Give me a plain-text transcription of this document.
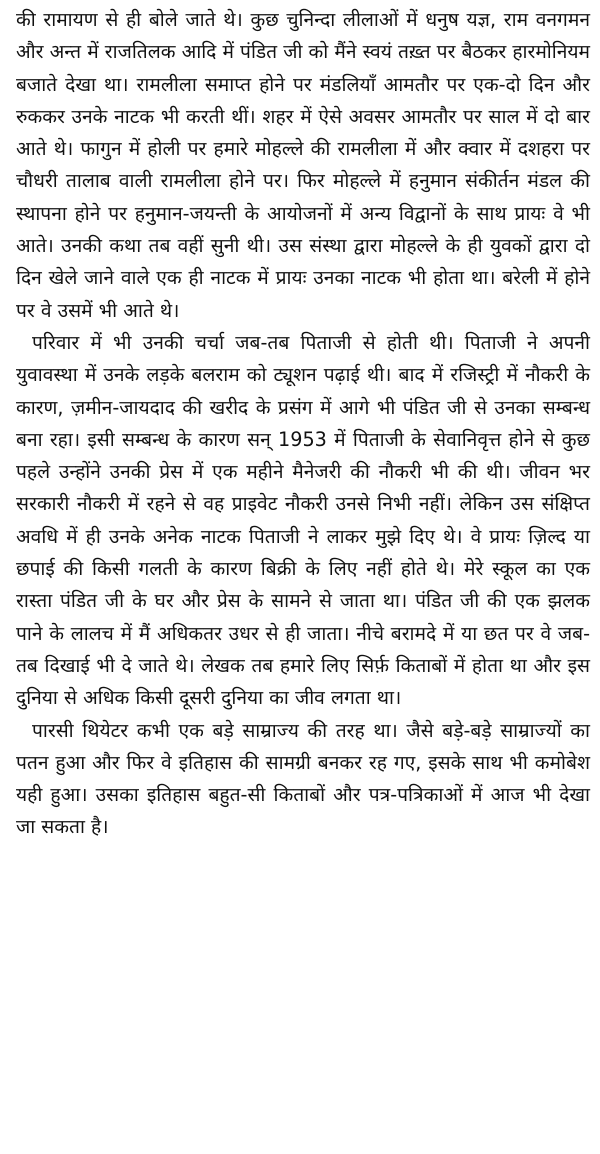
की रामायण से ही बोले जाते थे। कुछ चुनिन्दा लीलाओं में धनुष यज्ञ, राम वनगमन और अन्त में राजतिलक आदि में पंडित जी को मैंने स्वयं तख़्त पर बैठकर हारमोनियम बजाते देखा था। रामलीला समाप्त होने पर मंडलियाँ आमतौर पर एक-दो दिन और रुककर उनके नाटक भी करती थीं। शहर में ऐसे अवसर आमतौर पर साल में दो बार आते थे। फागुन में होली पर हमारे मोहल्ले की रामलीला में और क्वार में दशहरा पर चौधरी तालाब वाली रामलीला होने पर। फिर मोहल्ले में हनुमान संकीर्तन मंडल की स्थापना होने पर हनुमान-जयन्ती के आयोजनों में अन्य विद्वानों के साथ प्रायः वे भी आते। उनकी कथा तब वहीं सुनी थी। उस संस्था द्वारा मोहल्ले के ही युवकों द्वारा दो दिन खेले जाने वाले एक ही नाटक में प्रायः उनका नाटक भी होता था। बरेली में होने पर वे उसमें भी आते थे।

परिवार में भी उनकी चर्चा जब-तब पिताजी से होती थी। पिताजी ने अपनी युवावस्था में उनके लड़के बलराम को ट्यूशन पढ़ाई थी। बाद में रजिस्ट्री में नौकरी के कारण, ज़मीन-जायदाद की खरीद के प्रसंग में आगे भी पंडित जी से उनका सम्बन्ध बना रहा। इसी सम्बन्ध के कारण सन् 1953 में पिताजी के सेवानिवृत्त होने से कुछ पहले उन्होंने उनकी प्रेस में एक महीने मैनेजरी की नौकरी भी की थी। जीवन भर सरकारी नौकरी में रहने से वह प्राइवेट नौकरी उनसे निभी नहीं। लेकिन उस संक्षिप्त अवधि में ही उनके अनेक नाटक पिताजी ने लाकर मुझे दिए थे। वे प्रायः ज़िल्द या छपाई की किसी गलती के कारण बिक्री के लिए नहीं होते थे। मेरे स्कूल का एक रास्ता पंडित जी के घर और प्रेस के सामने से जाता था। पंडित जी की एक झलक पाने के लालच में मैं अधिकतर उधर से ही जाता। नीचे बरामदे में या छत पर वे जब-तब दिखाई भी दे जाते थे। लेखक तब हमारे लिए सिर्फ़ किताबों में होता था और इस दुनिया से अधिक किसी दूसरी दुनिया का जीव लगता था।

पारसी थियेटर कभी एक बड़े साम्राज्य की तरह था। जैसे बड़े-बड़े साम्राज्यों का पतन हुआ और फिर वे इतिहास की सामग्री बनकर रह गए, इसके साथ भी कमोबेश यही हुआ। उसका इतिहास बहुत-सी किताबों और पत्र-पत्रिकाओं में आज भी देखा जा सकता है।
